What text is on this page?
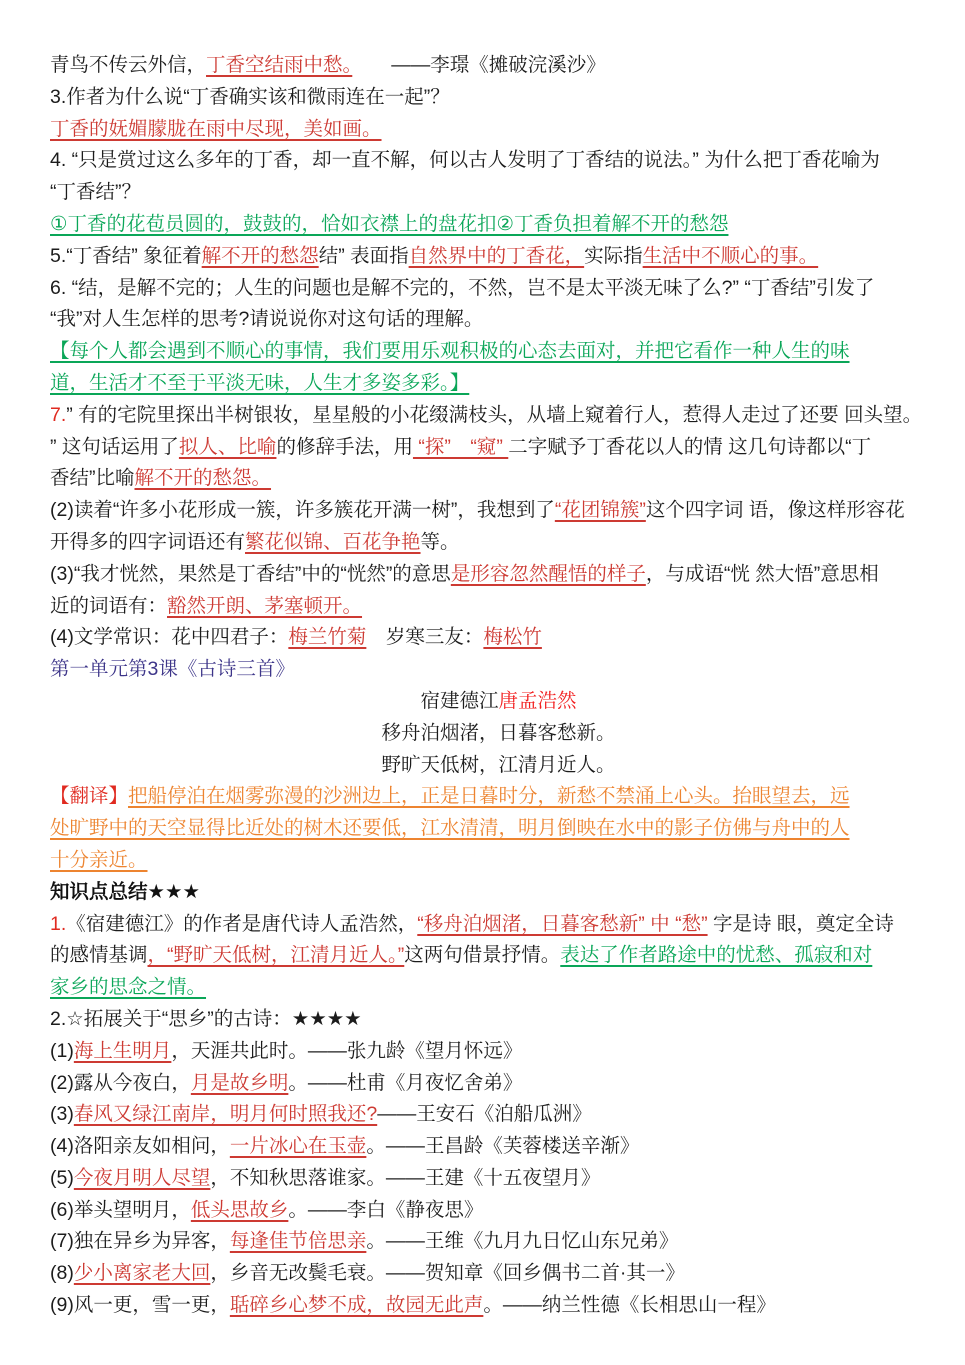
青鸟不传云外信，丁香空结雨中愁。　　——李璟《摊破浣溪沙》
3.作者为什么说“丁香确实该和微雨连在一起”？
丁香的妩媚朦胧在雨中尽现，美如画。
4. “只是赏过这么多年的丁香，却一直不解，何以古人发明了丁香结的说法。” 为什么把丁香花喻为
“丁香结”？
①丁香的花苞员圆的，鼓鼓的，恰如衣襟上的盘花扣②丁香负担着解不开的愁怨
5.“丁香结” 象征着解不开的愁怨结” 表面指自然界中的丁香花，实际指生活中不顺心的事。
6. “结，是解不完的；人生的问题也是解不完的，不然，岂不是太平淡无味了么?” “丁香结”引发了
“我”对人生怎样的思考?请说说你对这句话的理解。
【每个人都会遇到不顺心的事情，我们要用乐观积极的心态去面对，并把它看作一种人生的味
道，生活才不至于平淡无味，人生才多姿多彩。】
7.” 有的宅院里探出半树银妆，星星般的小花缀满枝头，从墙上窥着行人，惹得人走过了还要 回头望。
” 这句话运用了拟人、比喻的修辞手法，用 “探”　“窥” 二字赋予丁香花以人的情 这几句诗都以“丁
香结”比喻解不开的愁怨。
(2)读着“许多小花形成一簇，许多簇花开满一树”，我想到了“花团锦簇”这个四字词 语，像这样形容花
开得多的四字词语还有繁花似锦、百花争艳等。
(3)“我才恍然，果然是丁香结”中的“恍然”的意思是形容忽然醒悟的样子，与成语“恍 然大悟”意思相
近的词语有：豁然开朗、茅塞顿开。
(4)文学常识：花中四君子：梅兰竹菊　岁寒三友：梅松竹
第一单元第3课《古诗三首》
宿建德江唐孟浩然
移舟泊烟渚，日暮客愁新。
野旷天低树，江清月近人。
【翻译】把船停泊在烟雾弥漫的沙洲边上，正是日暮时分，新愁不禁涌上心头。抬眼望去，远
处旷野中的天空显得比近处的树木还要低，江水清清，明月倒映在水中的影子仿佛与舟中的人
十分亲近。
知识点总结★★★
1.《宿建德江》的作者是唐代诗人孟浩然，“移舟泊烟渚，日暮客愁新” 中 “愁” 字是诗 眼，奠定全诗
的感情基调，“野旷天低树，江清月近人。”这两句借景抒情。表达了作者路途中的忧愁、孤寂和对
家乡的思念之情。
2.☆拓展关于“思乡”的古诗：★★★★
(1)海上生明月，天涯共此时。——张九龄《望月怀远》
(2)露从今夜白，月是故乡明。——杜甫《月夜忆舍弟》
(3)春风又绿江南岸，明月何时照我还?——王安石《泊船瓜洲》
(4)洛阳亲友如相问，一片冰心在玉壶。——王昌龄《芙蓉楼送辛渐》
(5)今夜月明人尽望，不知秋思落谁家。——王建《十五夜望月》
(6)举头望明月，低头思故乡。——李白《静夜思》
(7)独在异乡为异客，每逢佳节倍思亲。——王维《九月九日忆山东兄弟》
(8)少小离家老大回，乡音无改鬓毛衰。——贺知章《回乡偶书二首·其一》
(9)风一更，雪一更，聒碎乡心梦不成，故园无此声。——纳兰性德《长相思山一程》
